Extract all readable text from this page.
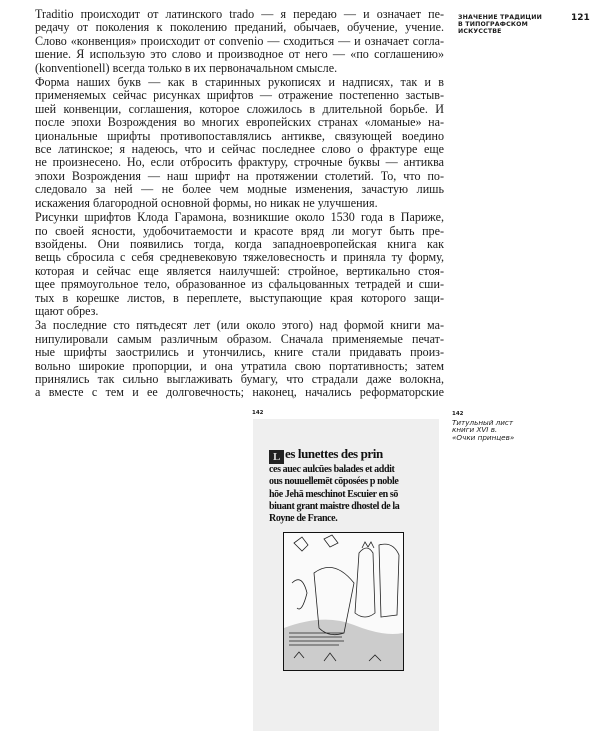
Traditio происходит от латинского trado — я передаю — и означает пе-
редачу от поколения к поколению преданий, обычаев, обучение, учение.
Слово «конвенция» происходит от convenio — сходиться — и означает согла-
шение. Я использую это слово и производное от него — «по соглашению»
(konventionell) всегда только в их первоначальном смысле.
Форма наших букв — как в старинных рукописях и надписях, так и в
применяемых сейчас рисунках шрифтов — отражение постепенно застыв-
шей конвенции, соглашения, которое сложилось в длительной борьбе. И
после эпохи Возрождения во многих европейских странах «ломаные» на-
циональные шрифты противопоставлялись антикве, связующей воедино
все латинское; я надеюсь, что и сейчас последнее слово о фрактуре еще
не произнесено. Но, если отбросить фрактуру, строчные буквы — антиква
эпохи Возрождения — наш шрифт на протяжении столетий. То, что по-
следовало за ней — не более чем модные изменения, зачастую лишь
искажения благородной основной формы, но никак не улучшения.
Рисунки шрифтов Клода Гарамона, возникшие около 1530 года в Париже,
по своей ясности, удобочитаемости и красоте вряд ли могут быть пре-
взойдены. Они появились тогда, когда западноевропейская книга как
вещь сбросила с себя средневековую тяжеловесность и приняла ту форму,
которая и сейчас еще является наилучшей: стройное, вертикально стоя-
щее прямоугольное тело, образованное из сфальцованных тетрадей и сши-
тых в корешке листов, в переплете, выступающие края которого защи-
щают обрез.
За последние сто пятьдесят лет (или около этого) над формой книги ма-
нипулировали самым различным образом. Сначала применяемые печат-
ные шрифты заострились и утончились, книге стали придавать произ-
вольно широкие пропорции, и она утратила свою портативность; затем
принялись так сильно выглаживать бумагу, что страдали даже волокна,
а вместе с тем и ее долговечность; наконец, начались реформаторские
ЗНАЧЕНИЕ ТРАДИЦИИ
В ТИПОГРАФСКОМ
ИСКУССТВЕ
121
142
L es lunettes des prin
ces auec aulcūes balades et addit
ous nouuellemēt cōposées p noble
hōe Jehā meschinot Escuier en sō
biuant grant maistre dhostel de la
Royne de France.
142
Титульный лист
книги XVI в.
«Очки принцев»
